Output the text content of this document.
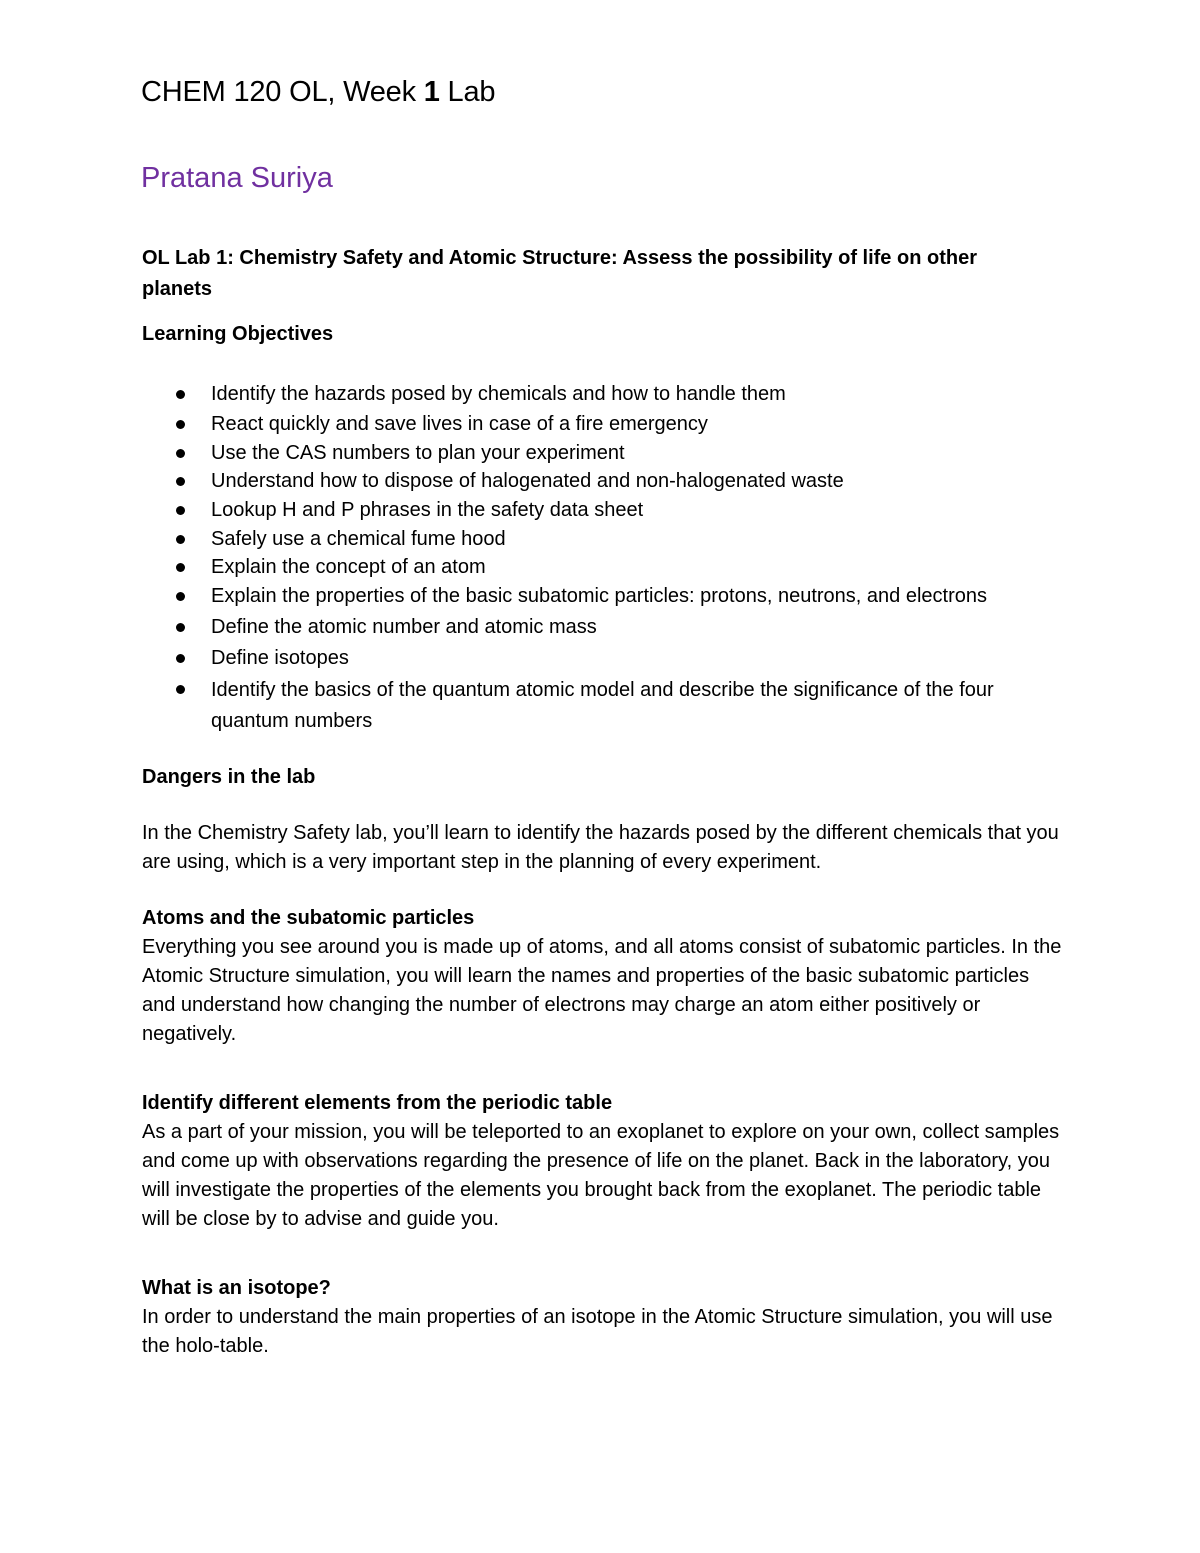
CHEM 120 OL, Week 1 Lab
Pratana Suriya

OL Lab 1: Chemistry Safety and Atomic Structure: Assess the possibility of life on other planets

Learning Objectives

Identify the hazards posed by chemicals and how to handle them
React quickly and save lives in case of a fire emergency
Use the CAS numbers to plan your experiment
Understand how to dispose of halogenated and non-halogenated waste
Lookup H and P phrases in the safety data sheet
Safely use a chemical fume hood
Explain the concept of an atom
Explain the properties of the basic subatomic particles: protons, neutrons, and electrons
Define the atomic number and atomic mass
Define isotopes
Identify the basics of the quantum atomic model and describe the significance of the four quantum numbers

Dangers in the lab

In the Chemistry Safety lab, you’ll learn to identify the hazards posed by the different chemicals that you are using, which is a very important step in the planning of every experiment.

Atoms and the subatomic particles

Everything you see around you is made up of atoms, and all atoms consist of subatomic particles. In the Atomic Structure simulation, you will learn the names and properties of the basic subatomic particles and understand how changing the number of electrons may charge an atom either positively or negatively.

Identify different elements from the periodic table

As a part of your mission, you will be teleported to an exoplanet to explore on your own, collect samples and come up with observations regarding the presence of life on the planet. Back in the laboratory, you will investigate the properties of the elements you brought back from the exoplanet. The periodic table will be close by to advise and guide you.

What is an isotope?

In order to understand the main properties of an isotope in the Atomic Structure simulation, you will use the holo-table.
